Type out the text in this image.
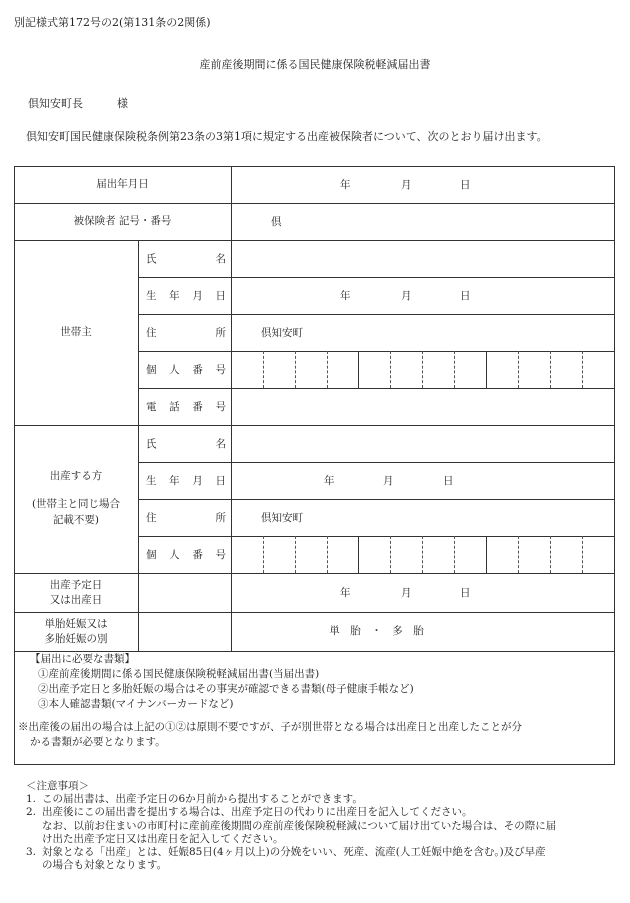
別記様式第172号の2(第131条の2関係)
産前産後期間に係る国民健康保険税軽減届出書
倶知安町長	様
倶知安町国民健康保険税条例第23条の3第1項に規定する出産被保険者について、次のとおり届け出ます。
届出年月日	年	月	日
被保険者 記号・番号	倶
世帯主
氏	名
生 年 月 日	年	月	日
住	所	倶知安町
個 人 番 号
電 話 番 号
出産する方
(世帯主と同じ場合
記載不要)
氏	名
生 年 月 日	年	月	日
住	所	倶知安町
個 人 番 号
出産予定日
又は出産日
年	月	日
単胎妊娠又は
多胎妊娠の別
単　胎　・　多　胎
【届出に必要な書類】
①産前産後期間に係る国民健康保険税軽減届出書(当届出書)
②出産予定日と多胎妊娠の場合はその事実が確認できる書類(母子健康手帳など)
③本人確認書類(マイナンバーカードなど)
※出産後の届出の場合は上記の①②は原則不要ですが、子が別世帯となる場合は出産日と出産したことが分
かる書類が必要となります。
＜注意事項＞
1. この届出書は、出産予定日の6か月前から提出することができます。
2. 出産後にこの届出書を提出する場合は、出産予定日の代わりに出産日を記入してください。
なお、以前お住まいの市町村に産前産後期間の産前産後保険税軽減について届け出ていた場合は、その際に届
け出た出産予定日又は出産日を記入してください。
3. 対象となる「出産」とは、妊娠85日(4ヶ月以上)の分娩をいい、死産、流産(人工妊娠中絶を含む。)及び早産
の場合も対象となります。
